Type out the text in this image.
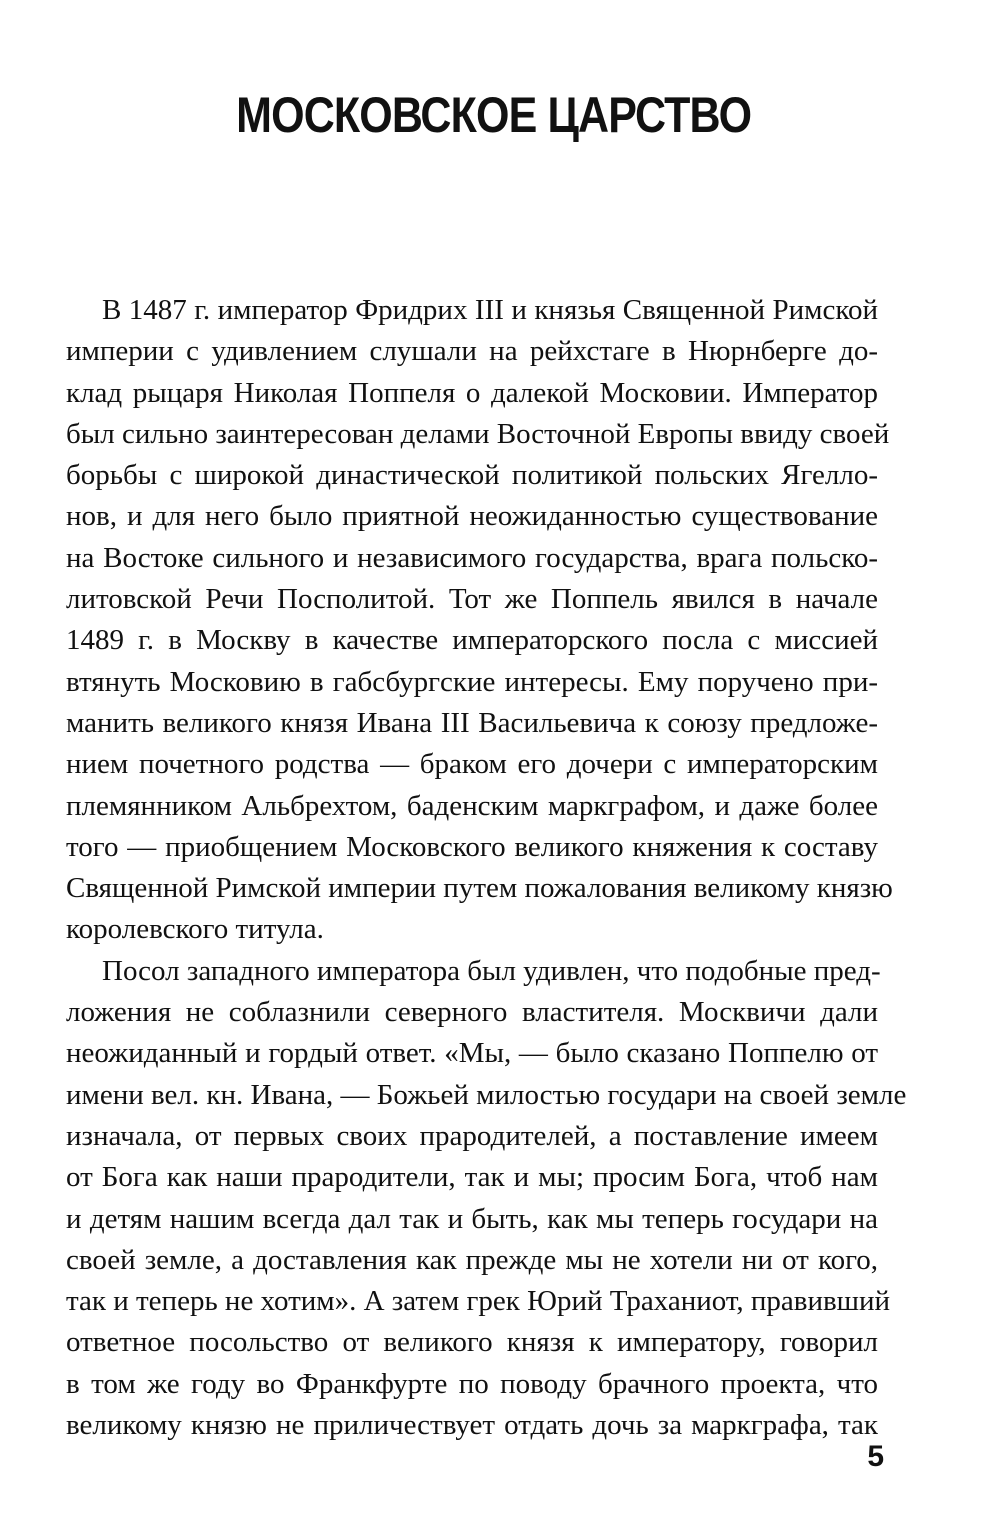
МОСКОВСКОЕ ЦАРСТВО

В 1487 г. император Фридрих III и князья Священной Римской
империи с удивлением слушали на рейхстаге в Нюрнберге до-
клад рыцаря Николая Поппеля о далекой Московии. Император
был сильно заинтересован делами Восточной Европы ввиду своей
борьбы с широкой династической политикой польских Ягелло-
нов, и для него было приятной неожиданностью существование
на Востоке сильного и независимого государства, врага польско-
литовской Речи Посполитой. Тот же Поппель явился в начале
1489 г. в Москву в качестве императорского посла с миссией
втянуть Московию в габсбургские интересы. Ему поручено при-
манить великого князя Ивана III Васильевича к союзу предложе-
нием почетного родства — браком его дочери с императорским
племянником Альбрехтом, баденским маркграфом, и даже более
того — приобщением Московского великого княжения к составу
Священной Римской империи путем пожалования великому князю
королевского титула.

Посол западного императора был удивлен, что подобные пред-
ложения не соблазнили северного властителя. Москвичи дали
неожиданный и гордый ответ. «Мы, — было сказано Поппелю от
имени вел. кн. Ивана, — Божьей милостью государи на своей земле
изначала, от первых своих прародителей, а поставление имеем
от Бога как наши прародители, так и мы; просим Бога, чтоб нам
и детям нашим всегда дал так и быть, как мы теперь государи на
своей земле, а доставления как прежде мы не хотели ни от кого,
так и теперь не хотим». А затем грек Юрий Траханиот, правивший
ответное посольство от великого князя к императору, говорил
в том же году во Франкфурте по поводу брачного проекта, что
великому князю не приличествует отдать дочь за маркграфа, так

5
